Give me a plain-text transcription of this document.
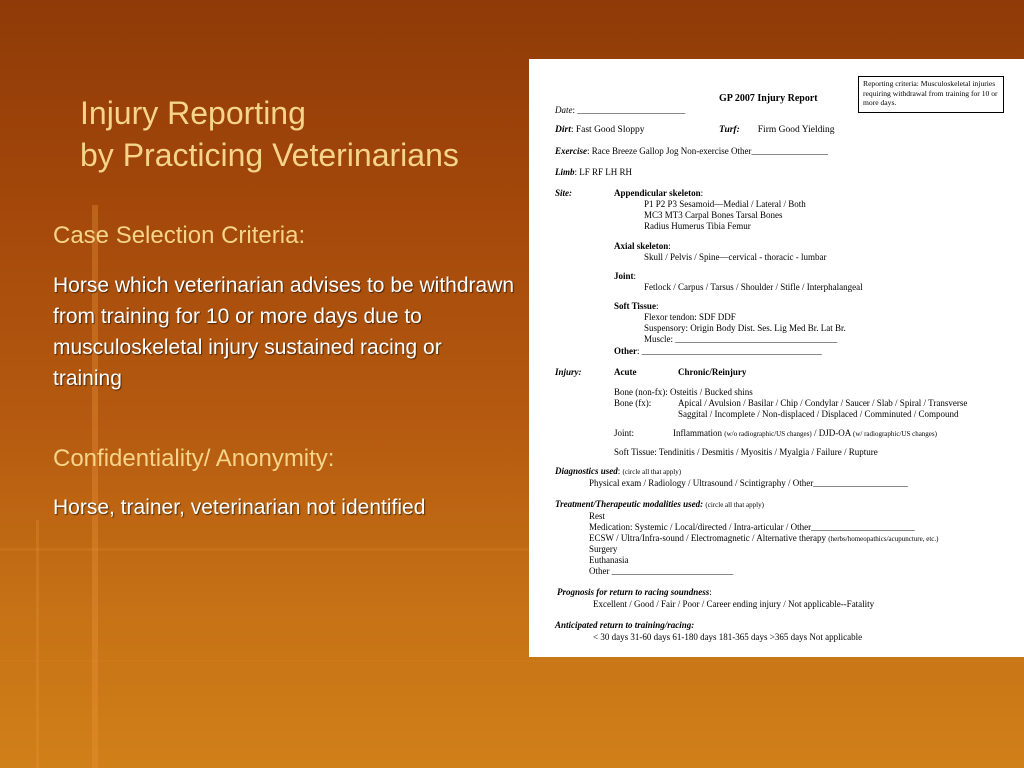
Injury Reporting
by Practicing Veterinarians
Case Selection Criteria:
Horse which veterinarian advises to be withdrawn from training for 10 or more days due to musculoskeletal injury sustained racing or training
Confidentiality/ Anonymity:
Horse, trainer, veterinarian not identified
Reporting criteria: Musculoskeletal injuries requiring withdrawal from training for 10 or more days.
GP 2007 Injury Report
Date: ________________________
Dirt: Fast Good Sloppy	Turf: Firm Good Yielding
Exercise: Race Breeze Gallop Jog Non-exercise Other_________________
Limb: LF RF LH RH
Site:	Appendicular skeleton:
P1 P2 P3 Sesamoid—Medial / Lateral / Both
MC3 MT3 Carpal Bones Tarsal Bones
Radius Humerus Tibia Femur
Axial skeleton:
Skull / Pelvis / Spine—cervical - thoracic - lumbar
Joint:
Fetlock / Carpus / Tarsus / Shoulder / Stifle / Interphalangeal
Soft Tissue:
Flexor tendon: SDF DDF
Suspensory: Origin Body Dist. Ses. Lig Med Br. Lat Br.
Muscle: ____________________________________
Other: ________________________________________
Injury:	Acute	Chronic/Reinjury
Bone (non-fx): Osteitis / Bucked shins
Bone (fx):	Apical / Avulsion / Basilar / Chip / Condylar / Saucer / Slab / Spiral / Transverse
Saggital / Incomplete / Non-displaced / Displaced / Comminuted / Compound
Joint:	Inflammation (w/o radiographic/US changes) / DJD-OA (w/ radiographic/US changes)
Soft Tissue: Tendinitis / Desmitis / Myositis / Myalgia / Failure / Rupture
Diagnostics used: (circle all that apply)
Physical exam / Radiology / Ultrasound / Scintigraphy / Other_____________________
Treatment/Therapeutic modalities used: (circle all that apply)
Rest
Medication: Systemic / Local/directed / Intra-articular / Other_______________________
ECSW / Ultra/Infra-sound / Electromagnetic / Alternative therapy (herbs/homeopathics/acupuncture, etc.)
Surgery
Euthanasia
Other ___________________________
Prognosis for return to racing soundness:
Excellent / Good / Fair / Poor / Career ending injury / Not applicable--Fatality
Anticipated return to training/racing:
< 30 days 31-60 days 61-180 days 181-365 days >365 days Not applicable
